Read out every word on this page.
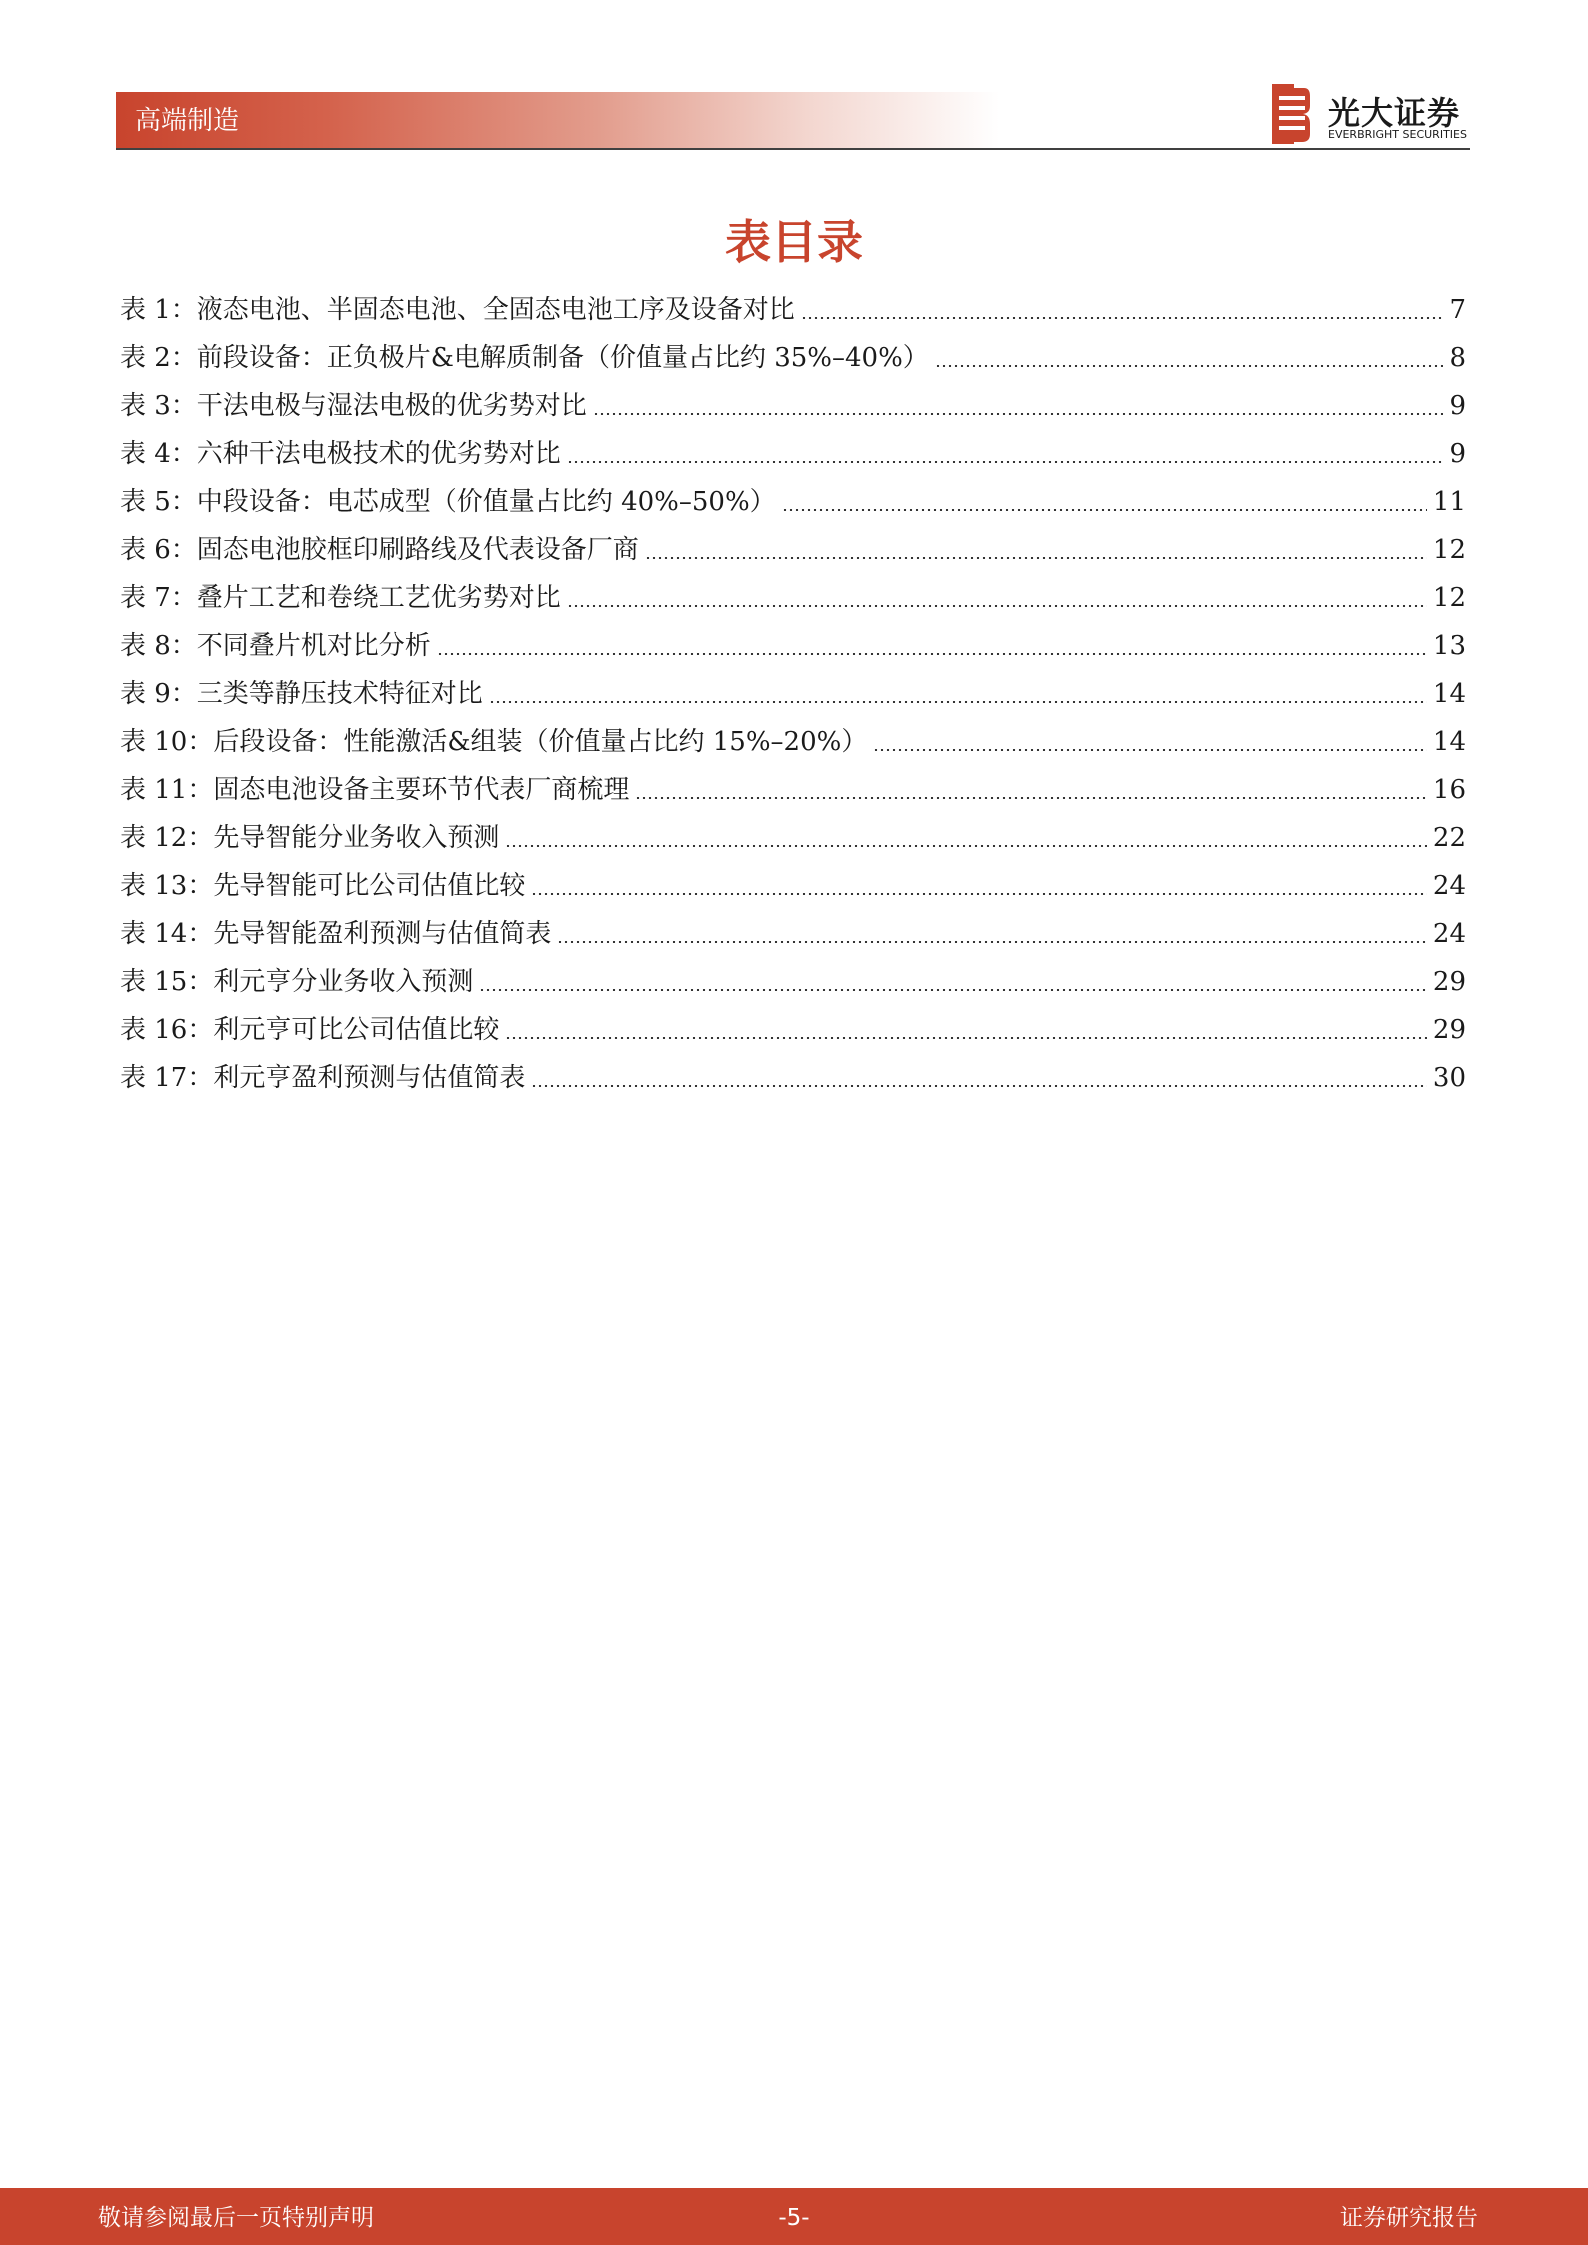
高端制造	光大证券
EVERBRIGHT SECURITIES
表目录
表 1：液态电池、半固态电池、全固态电池工序及设备对比	7
表 2：前段设备：正负极片&电解质制备（价值量占比约 35%–40%）	8
表 3：干法电极与湿法电极的优劣势对比	9
表 4：六种干法电极技术的优劣势对比	9
表 5：中段设备：电芯成型（价值量占比约 40%–50%）	11
表 6：固态电池胶框印刷路线及代表设备厂商	12
表 7：叠片工艺和卷绕工艺优劣势对比	12
表 8：不同叠片机对比分析	13
表 9：三类等静压技术特征对比	14
表 10：后段设备：性能激活&组装（价值量占比约 15%–20%）	14
表 11：固态电池设备主要环节代表厂商梳理	16
表 12：先导智能分业务收入预测	22
表 13：先导智能可比公司估值比较	24
表 14：先导智能盈利预测与估值简表	24
表 15：利元亨分业务收入预测	29
表 16：利元亨可比公司估值比较	29
表 17：利元亨盈利预测与估值简表	30
敬请参阅最后一页特别声明	-5-	证券研究报告
